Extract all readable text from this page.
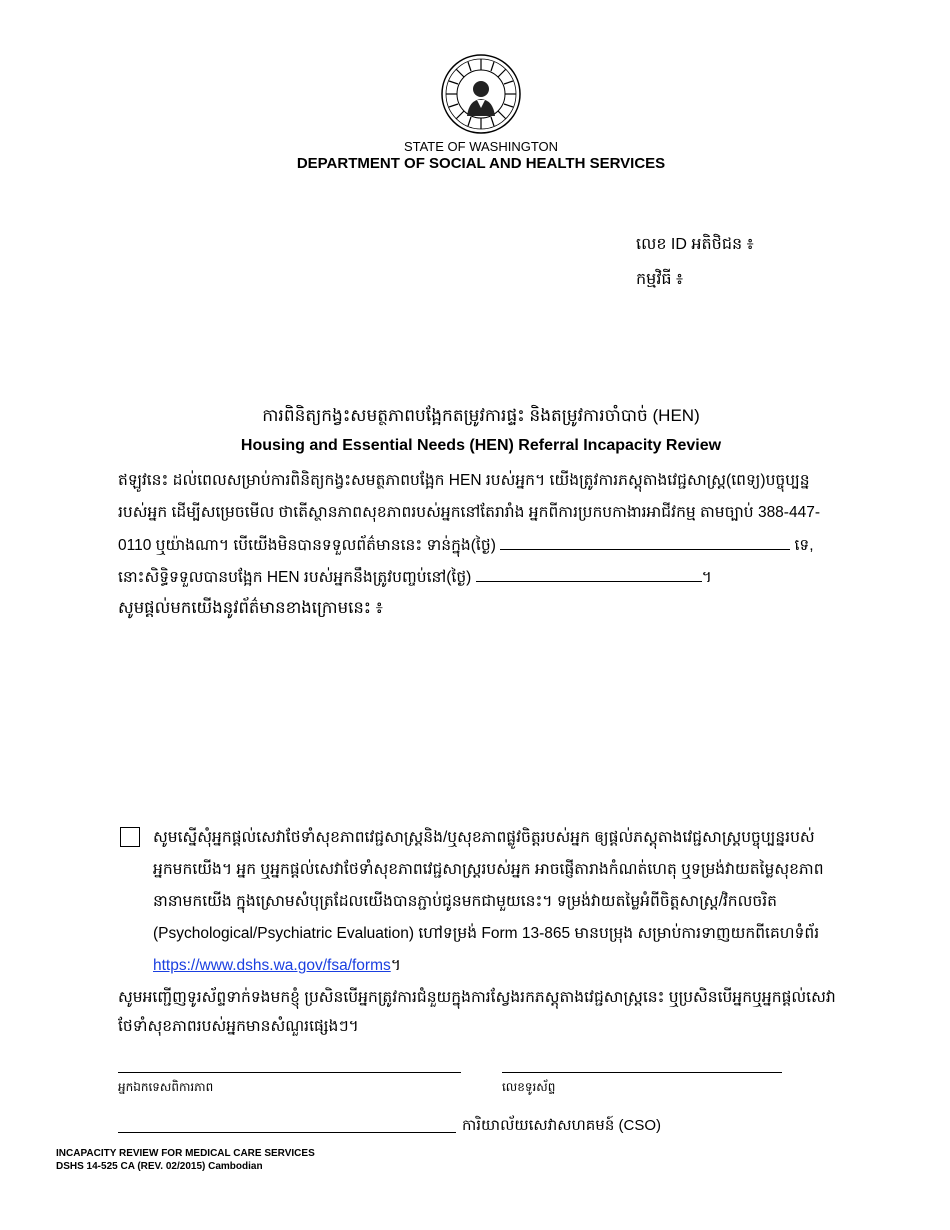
STATE OF WASHINGTON
DEPARTMENT OF SOCIAL AND HEALTH SERVICES
លេខ ID អតិថិជន ៖
កម្មវិធី ៖
ការពិនិត្យកង្វះសមត្ថភាពបង្អែកតម្រូវការផ្ទះ និងតម្រូវការចាំបាច់ (HEN)
Housing and Essential Needs (HEN) Referral Incapacity Review
ឥឡូវនេះ ដល់ពេលសម្រាប់ការពិនិត្យកង្វះសមត្ថភាពបង្អែក HEN របស់អ្នក។ យើងត្រូវការភស្តុតាងវេជ្ជសាស្ត្រ(ពេទ្យ)បច្ចុប្បន្ន
របស់អ្នក ដើម្បីសម្រេចមើល ថាតើស្ថានភាពសុខភាពរបស់អ្នកនៅតែរារាំង អ្នកពីការប្រកបកាងារអាជីវកម្ម តាមច្បាប់ 388-447-
0110 ឬយ៉ាងណា។ បើយើងមិនបានទទួលព័ត៌មាននេះ ទាន់ក្នុង(ថ្ងៃ)	ទេ,
នោះសិទ្ធិទទួលបានបង្អែក HEN របស់អ្នកនឹងត្រូវបញ្ចប់នៅ(ថ្ងៃ)	។
សូមផ្ដល់មកយើងនូវព័ត៌មានខាងក្រោមនេះ ៖
សូមស្នើសុំអ្នកផ្ដល់សេវាថែទាំសុខភាពវេជ្ជសាស្ត្រនិង/ឬសុខភាពផ្លូវចិត្តរបស់អ្នក ឲ្យផ្ដល់ភស្តុតាងវេជ្ជសាស្ត្របច្ចុប្បន្នរបស់
អ្នកមកយើង។ អ្នក ឬអ្នកផ្ដល់សេវាថែទាំសុខភាពវេជ្ជសាស្ត្ររបស់អ្នក អាចផ្ញើតារាងកំណត់ហេតុ ឬទម្រង់វាយតម្លៃសុខភាព
នានាមកយើង ក្នុងស្រោមសំបុត្រដែលយើងបានភ្ជាប់ជូនមកជាមួយនេះ។ ទម្រង់វាយតម្លៃអំពីចិត្តសាស្ត្រ/វិកលចរិត
(Psychological/Psychiatric Evaluation) ហៅទម្រង់ Form 13-865 មានបម្រុង សម្រាប់ការទាញយកពីគេហទំព័រ
https://www.dshs.wa.gov/fsa/forms។
សូមអញ្ជើញទូរស័ព្ទទាក់ទងមកខ្ញុំ ប្រសិនបើអ្នកត្រូវការជំនួយក្នុងការស្វែងរកភស្តុតាងវេជ្ជសាស្ត្រនេះ ឬប្រសិនបើអ្នកឬអ្នកផ្ដល់សេវា
ថែទាំសុខភាពរបស់អ្នកមានសំណួរផ្សេងៗ។
អ្នកឯកទេសពិការភាព	លេខទូរស័ព្ទ
ការិយាល័យសេវាសហគមន៍ (CSO)
INCAPACITY REVIEW FOR MEDICAL CARE SERVICES
DSHS 14-525 CA (REV. 02/2015) Cambodian
